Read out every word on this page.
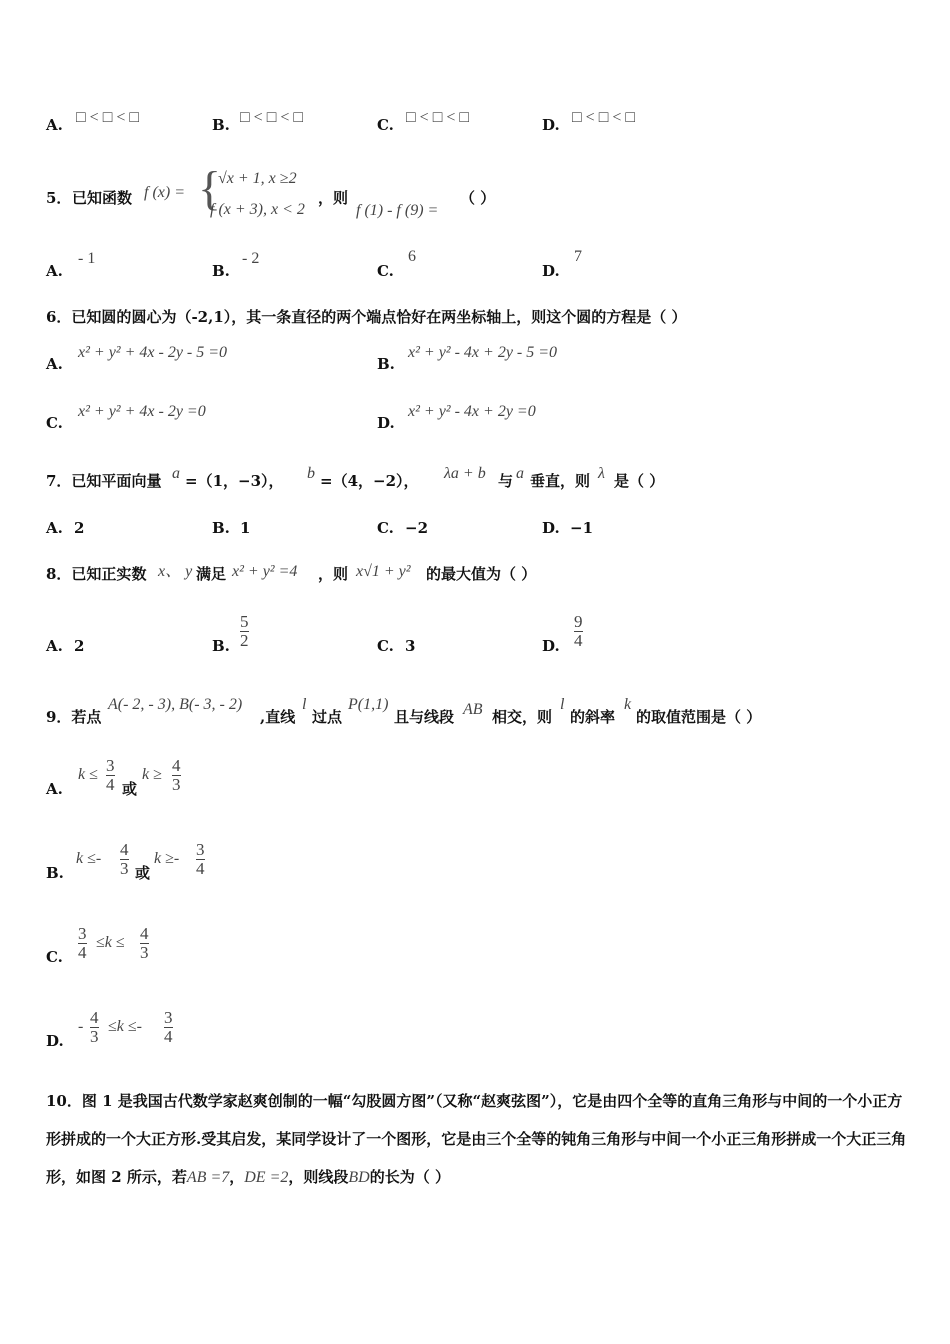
A. □ < □ < □	B. □ < □ < □	C. □ < □ < □	D. □ < □ < □
5． 已知函数 f (x) = {
√x + 1, x ≥2
f (x + 3), x < 2
，则
f (1) - f (9) =
（ ）
A.
- 1
B.
- 2
C.
6
D.
7
6．已知圆的圆心为（-2,1），其一条直径的两个端点恰好在两坐标轴上，则这个圆的方程是（ ）
A.
x² + y² + 4x - 2y - 5 =0
B.
x² + y² - 4x + 2y - 5 =0
C.
x² + y² + 4x - 2y =0
D.
x² + y² - 4x + 2y =0
7．已知平面向量 a =（1，−3）， b =（4，−2）， λa + b 与 a 垂直，则 λ 是（ ）
A. 2	B. 1	C. −2	D. −1
8．已知正实数 x、 y 满足 x² + y² =4 ，则 x√1 + y² 的最大值为（ ）
A. 2	B. $\frac{5}{2}$	C. 3	D. $\frac{9}{4}$
9．若点
A(- 2, - 3), B(- 3, - 2)
,直线
l
过点
P(1,1)
且与线段 AB 相交，则
l
的斜率
k
的取值范围是（ ）
A.
$k \le \frac{3}{4}$ 或
$k \ge \frac{4}{3}$
B.
$k \le- \frac{4}{3}$ 或
$k \ge- \frac{3}{4}$
C. $\frac{3}{4} \le k \le \frac{4}{3}$
D.
- $\frac{4}{3} \le k \le- \frac{3}{4}$
10．图 1 是我国古代数学家赵爽创制的一幅“勾股圆方图”（又称“赵爽弦图”），它是由四个全等的直角三角形与中间的一个小正方形拼成的一个大正方形.受其启发，某同学设计了一个图形，它是由三个全等的钝角三角形与中间一个小正三角形拼成一个大正三角形，如图 2 所示，若AB =7，DE =2，则线段BD的长为（ ）
